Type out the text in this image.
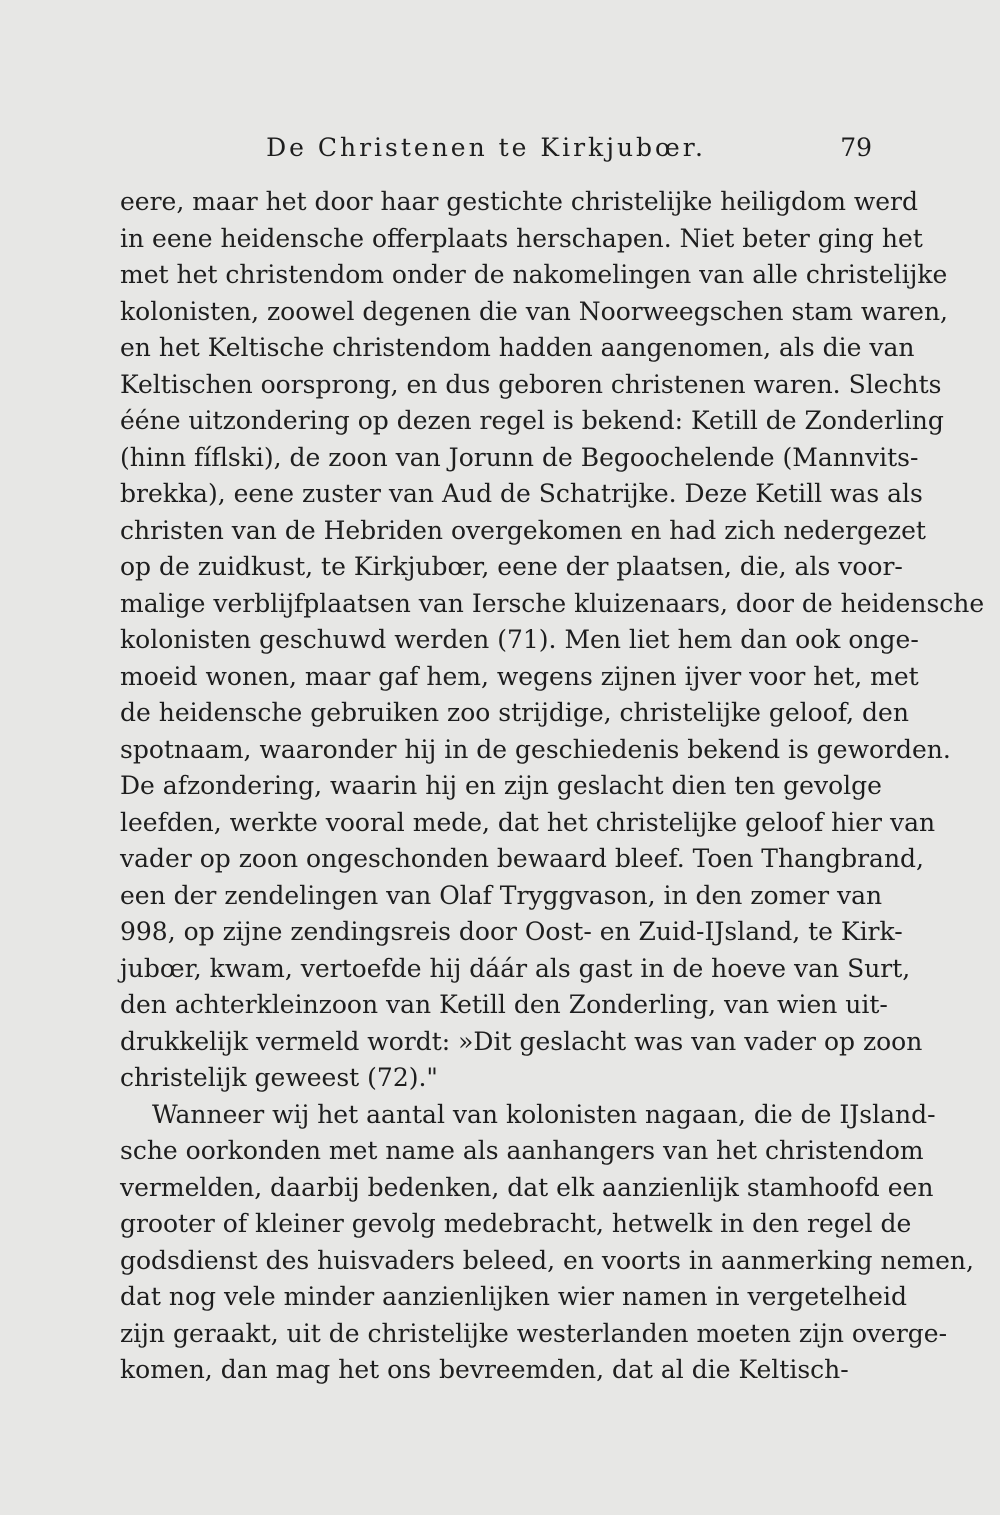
De Christenen te Kirkjubœr.	79
eere, maar het door haar gestichte christelijke heiligdom werd
in eene heidensche offerplaats herschapen. Niet beter ging het
met het christendom onder de nakomelingen van alle christelijke
kolonisten, zoowel degenen die van Noorweegschen stam waren,
en het Keltische christendom hadden aangenomen, als die van
Keltischen oorsprong, en dus geboren christenen waren. Slechts
ééne uitzondering op dezen regel is bekend: Ketill de Zonderling
(hinn fíflski), de zoon van Jorunn de Begoochelende (Mannvits-
brekka), eene zuster van Aud de Schatrijke. Deze Ketill was als
christen van de Hebriden overgekomen en had zich nedergezet
op de zuidkust, te Kirkjubœr, eene der plaatsen, die, als voor-
malige verblijfplaatsen van Iersche kluizenaars, door de heidensche
kolonisten geschuwd werden (71). Men liet hem dan ook onge-
moeid wonen, maar gaf hem, wegens zijnen ijver voor het, met
de heidensche gebruiken zoo strijdige, christelijke geloof, den
spotnaam, waaronder hij in de geschiedenis bekend is geworden.
De afzondering, waarin hij en zijn geslacht dien ten gevolge
leefden, werkte vooral mede, dat het christelijke geloof hier van
vader op zoon ongeschonden bewaard bleef. Toen Thangbrand,
een der zendelingen van Olaf Tryggvason, in den zomer van
998, op zijne zendingsreis door Oost- en Zuid-IJsland, te Kirk-
jubœr, kwam, vertoefde hij dáár als gast in de hoeve van Surt,
den achterkleinzoon van Ketill den Zonderling, van wien uit-
drukkelijk vermeld wordt: »Dit geslacht was van vader op zoon
christelijk geweest (72)."
Wanneer wij het aantal van kolonisten nagaan, die de IJsland-
sche oorkonden met name als aanhangers van het christendom
vermelden, daarbij bedenken, dat elk aanzienlijk stamhoofd een
grooter of kleiner gevolg medebracht, hetwelk in den regel de
godsdienst des huisvaders beleed, en voorts in aanmerking nemen,
dat nog vele minder aanzienlijken wier namen in vergetelheid
zijn geraakt, uit de christelijke westerlanden moeten zijn overge-
komen, dan mag het ons bevreemden, dat al die Keltisch-
